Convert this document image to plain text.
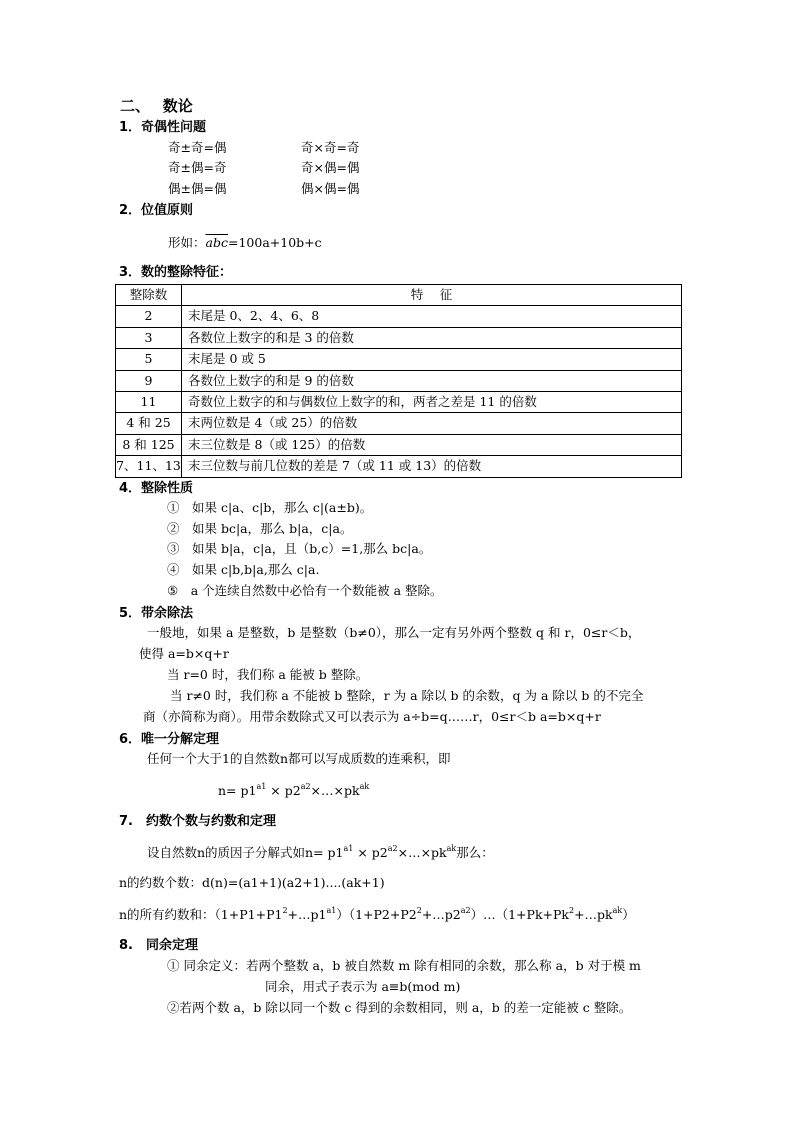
二、　 数论
1．奇偶性问题
奇±奇=偶	奇×奇=奇
奇±偶=奇	奇×偶=偶
偶±偶=偶	偶×偶=偶
2．位值原则
形如：$\overline{abc}=100a+10b+c$
3．数的整除特征：
整除数	特　 征
2	末尾是 0、2、4、6、8
3	各数位上数字的和是 3 的倍数
5	末尾是 0 或 5
9	各数位上数字的和是 9 的倍数
11	奇数位上数字的和与偶数位上数字的和，两者之差是 11 的倍数
4 和 25	末两位数是 4（或 25）的倍数
8 和 125	末三位数是 8（或 125）的倍数
7、11、13	末三位数与前几位数的差是 7（或 11 或 13）的倍数
4．整除性质
①　如果 c|a、c|b，那么 c|(a±b)。
②　如果 bc|a，那么 b|a，c|a。
③　如果 b|a，c|a，且（b,c）=1,那么 bc|a。
④　如果 c|b,b|a,那么 c|a.
⑤　a 个连续自然数中必恰有一个数能被 a 整除。
5．带余除法
一般地，如果 a 是整数，b 是整数（b≠0），那么一定有另外两个整数 q 和 r，0≤r＜b，
使得 a=b×q+r
当 r=0 时，我们称 a 能被 b 整除。
当 r≠0 时，我们称 a 不能被 b 整除，r 为 a 除以 b 的余数，q 为 a 除以 b 的不完全
商（亦简称为商）。用带余数除式又可以表示为 a÷b=q……r，0≤r＜b a=b×q+r
6．唯一分解定理
任何一个大于1的自然数n都可以写成质数的连乘积，即
$n= p1^{a1}$ × $p2^{a2}\times\dots\times pk^{ak}$
7.　约数个数与约数和定理
设自然数n的质因子分解式如$n= p1^{a1}$ × $p2^{a2}\times\dots\times pk^{ak}$那么：
n的约数个数：d(n)=(a1+1)(a2+1)....(ak+1)
n的所有约数和：$(1+P1+P1^2+\dots p1^{a1})(1+P2+P2^2+\dots p2^{a2})\dots(1+Pk+Pk^2+\dots pk^{ak})$
8.　同余定理
① 同余定义：若两个整数 a，b 被自然数 m 除有相同的余数，那么称 a，b 对于模 m
同余，用式子表示为 a≡b(mod m)
②若两个数 a，b 除以同一个数 c 得到的余数相同，则 a，b 的差一定能被 c 整除。
